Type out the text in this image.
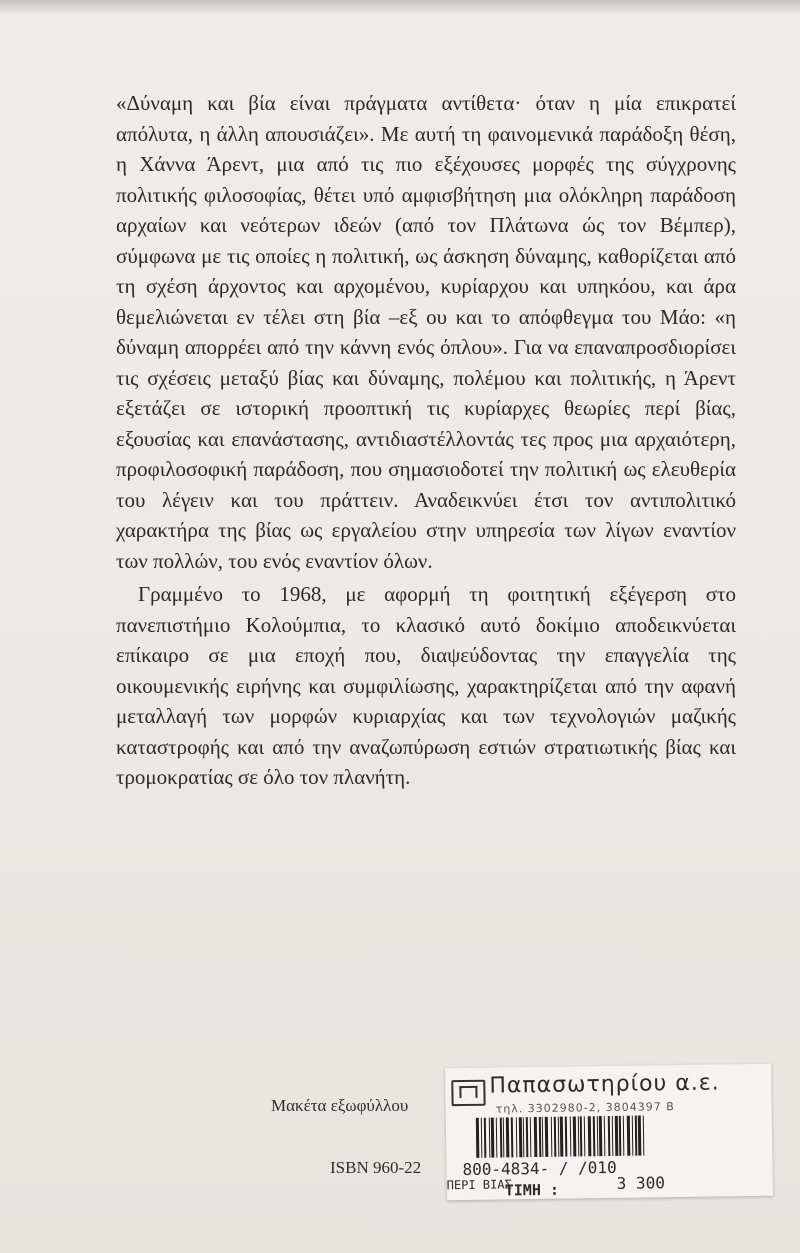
«Δύναμη και βία είναι πράγματα αντίθετα· όταν η μία επικρατεί απόλυτα, η άλλη απουσιάζει». Με αυτή τη φαινομενικά παράδοξη θέση, η Χάννα Άρεντ, μια από τις πιο εξέχουσες μορφές της σύγχρονης πολιτικής φιλοσοφίας, θέτει υπό αμφισβήτηση μια ολόκληρη παράδοση αρχαίων και νεότερων ιδεών (από τον Πλάτωνα ώς τον Βέμπερ), σύμφωνα με τις οποίες η πολιτική, ως άσκηση δύναμης, καθορίζεται από τη σχέση άρχοντος και αρχομένου, κυρίαρχου και υπηκόου, και άρα θεμελιώνεται εν τέλει στη βία –εξ ου και το απόφθεγμα του Μάο: «η δύναμη απορρέει από την κάννη ενός όπλου». Για να επαναπροσδιορίσει τις σχέσεις μεταξύ βίας και δύναμης, πολέμου και πολιτικής, η Άρεντ εξετάζει σε ιστορική προοπτική τις κυρίαρχες θεωρίες περί βίας, εξουσίας και επανάστασης, αντιδιαστέλλοντάς τες προς μια αρχαιότερη, προφιλοσοφική παράδοση, που σημασιοδοτεί την πολιτική ως ελευθερία του λέγειν και του πράττειν. Αναδεικνύει έτσι τον αντιπολιτικό χαρακτήρα της βίας ως εργαλείου στην υπηρεσία των λίγων εναντίον των πολλών, του ενός εναντίον όλων.

Γραμμένο το 1968, με αφορμή τη φοιτητική εξέγερση στο πανεπιστήμιο Κολούμπια, το κλασικό αυτό δοκίμιο αποδεικνύεται επίκαιρο σε μια εποχή που, διαψεύδοντας την επαγγελία της οικουμενικής ειρήνης και συμφιλίωσης, χαρακτηρίζεται από την αφανή μεταλλαγή των μορφών κυριαρχίας και των τεχνολογιών μαζικής καταστροφής και από την αναζωπύρωση εστιών στρατιωτικής βίας και τρομοκρατίας σε όλο τον πλανήτη.

Μακέτα εξωφύλλου
ISBN 960-22
Παπασωτηρίου α.ε.
τηλ. 3302980-2, 3804397 Β
800-4834- / /010
ΠΕΡΙ ΒΙΑΣ
ΤΙΜΗ :	3 300
